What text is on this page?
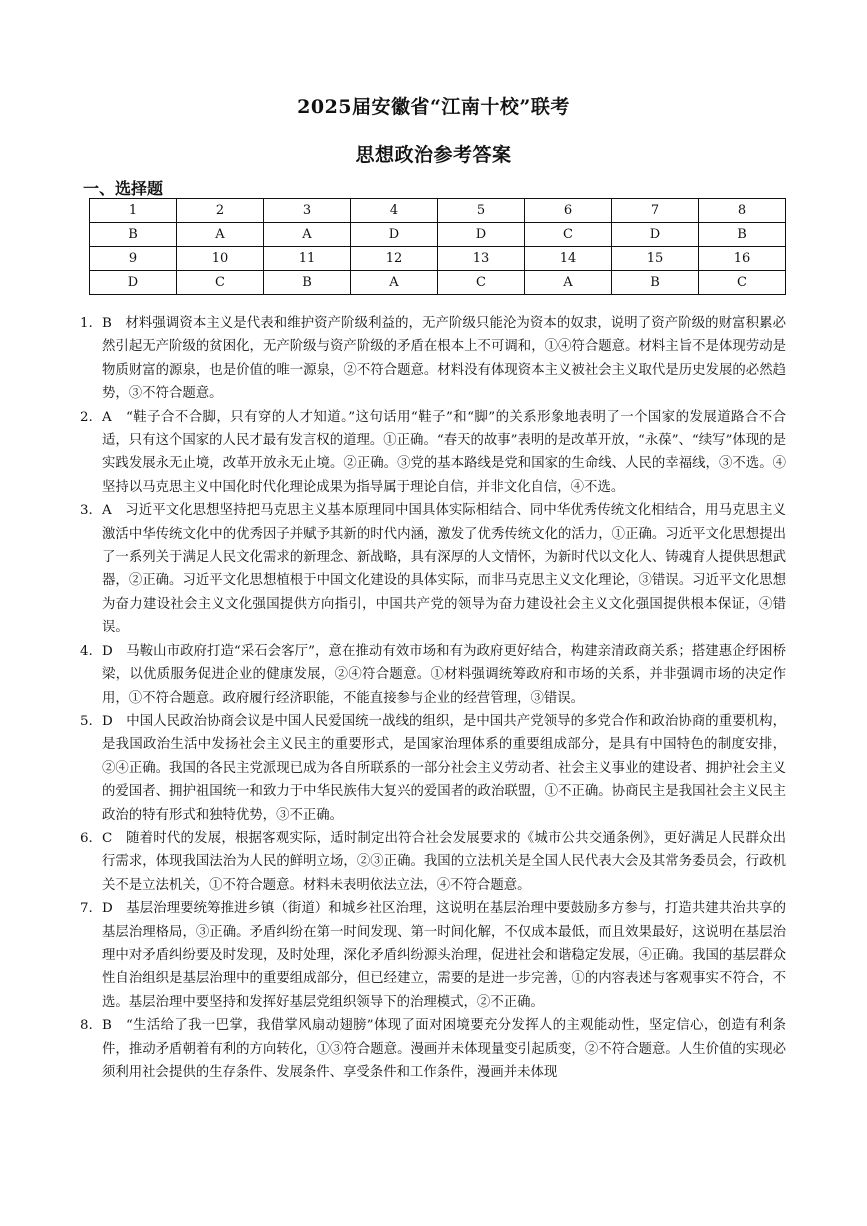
2025届安徽省“江南十校”联考
思想政治参考答案
一、选择题
1	2	3	4	5	6	7	8
B	A	A	D	D	C	D	B
9	10	11	12	13	14	15	16
D	C	B	A	C	A	B	C
1. B　材料强调资本主义是代表和维护资产阶级利益的，无产阶级只能沦为资本的奴隶，说明了资产阶级的财富积累必然引起无产阶级的贫困化，无产阶级与资产阶级的矛盾在根本上不可调和，①④符合题意。材料主旨不是体现劳动是物质财富的源泉，也是价值的唯一源泉，②不符合题意。材料没有体现资本主义被社会主义取代是历史发展的必然趋势，③不符合题意。
2. A　“鞋子合不合脚，只有穿的人才知道。”这句话用“鞋子”和“脚”的关系形象地表明了一个国家的发展道路合不合适，只有这个国家的人民才最有发言权的道理。①正确。“春天的故事”表明的是改革开放，“永葆”、“续写”体现的是实践发展永无止境，改革开放永无止境。②正确。③党的基本路线是党和国家的生命线、人民的幸福线，③不选。④坚持以马克思主义中国化时代化理论成果为指导属于理论自信，并非文化自信，④不选。
3. A　习近平文化思想坚持把马克思主义基本原理同中国具体实际相结合、同中华优秀传统文化相结合，用马克思主义激活中华传统文化中的优秀因子并赋予其新的时代内涵，激发了优秀传统文化的活力，①正确。习近平文化思想提出了一系列关于满足人民文化需求的新理念、新战略，具有深厚的人文情怀，为新时代以文化人、铸魂育人提供思想武器，②正确。习近平文化思想植根于中国文化建设的具体实际，而非马克思主义文化理论，③错误。习近平文化思想为奋力建设社会主义文化强国提供方向指引，中国共产党的领导为奋力建设社会主义文化强国提供根本保证，④错误。
4. D　马鞍山市政府打造“采石会客厅”，意在推动有效市场和有为政府更好结合，构建亲清政商关系；搭建惠企纾困桥梁，以优质服务促进企业的健康发展，②④符合题意。①材料强调统筹政府和市场的关系，并非强调市场的决定作用，①不符合题意。政府履行经济职能，不能直接参与企业的经营管理，③错误。
5. D　中国人民政治协商会议是中国人民爱国统一战线的组织，是中国共产党领导的多党合作和政治协商的重要机构，是我国政治生活中发扬社会主义民主的重要形式，是国家治理体系的重要组成部分，是具有中国特色的制度安排，②④正确。我国的各民主党派现已成为各自所联系的一部分社会主义劳动者、社会主义事业的建设者、拥护社会主义的爱国者、拥护祖国统一和致力于中华民族伟大复兴的爱国者的政治联盟，①不正确。协商民主是我国社会主义民主政治的特有形式和独特优势，③不正确。
6. C　随着时代的发展，根据客观实际，适时制定出符合社会发展要求的《城市公共交通条例》，更好满足人民群众出行需求，体现我国法治为人民的鲜明立场，②③正确。我国的立法机关是全国人民代表大会及其常务委员会，行政机关不是立法机关，①不符合题意。材料未表明依法立法，④不符合题意。
7. D　基层治理要统筹推进乡镇（街道）和城乡社区治理，这说明在基层治理中要鼓励多方参与，打造共建共治共享的基层治理格局，③正确。矛盾纠纷在第一时间发现、第一时间化解，不仅成本最低，而且效果最好，这说明在基层治理中对矛盾纠纷要及时发现，及时处理，深化矛盾纠纷源头治理，促进社会和谐稳定发展，④正确。我国的基层群众性自治组织是基层治理中的重要组成部分，但已经建立，需要的是进一步完善，①的内容表述与客观事实不符合，不选。基层治理中要坚持和发挥好基层党组织领导下的治理模式，②不正确。
8. B　“生活给了我一巴掌，我借掌风扇动翅膀”体现了面对困境要充分发挥人的主观能动性，坚定信心，创造有利条件，推动矛盾朝着有利的方向转化，①③符合题意。漫画并未体现量变引起质变，②不符合题意。人生价值的实现必须利用社会提供的生存条件、发展条件、享受条件和工作条件，漫画并未体现
